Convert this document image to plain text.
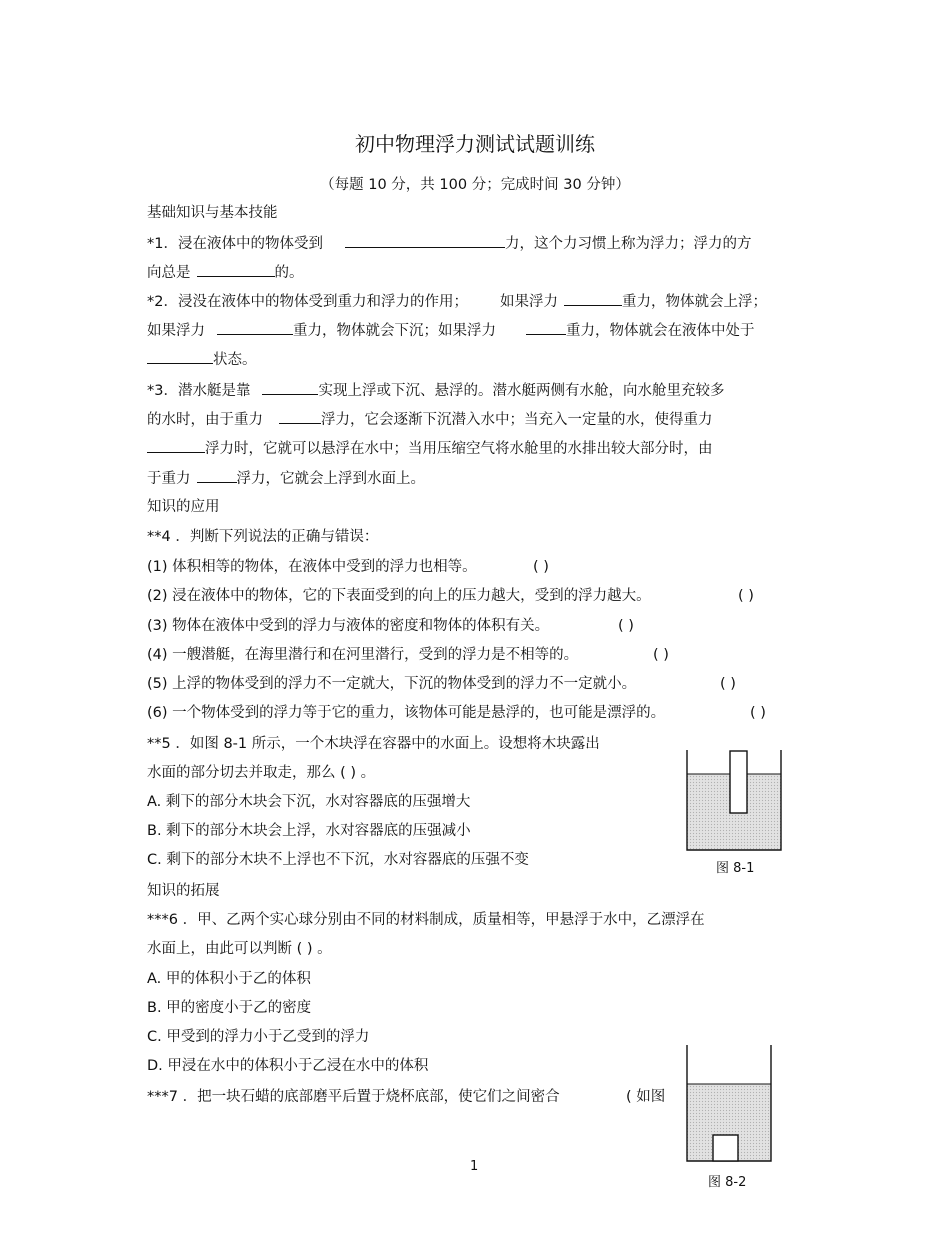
初中物理浮力测试试题训练
（每题 10 分，共 100 分；完成时间 30 分钟）
基础知识与基本技能
*1．浸在液体中的物体受到	力，这个力习惯上称为浮力；浮力的方
向总是	的。
*2．浸没在液体中的物体受到重力和浮力的作用； 如果浮力	重力，物体就会上浮；
如果浮力	重力，物体就会下沉；如果浮力	重力，物体就会在液体中处于
状态。
*3．潜水艇是靠	实现上浮或下沉、悬浮的。潜水艇两侧有水舱，向水舱里充较多
的水时，由于重力	浮力，它会逐渐下沉潜入水中；当充入一定量的水，使得重力
浮力时，它就可以悬浮在水中；当用压缩空气将水舱里的水排出较大部分时，由
于重力	浮力，它就会上浮到水面上。
知识的应用
**4 ．判断下列说法的正确与错误：
(1) 体积相等的物体，在液体中受到的浮力也相等。	( )
(2) 浸在液体中的物体，它的下表面受到的向上的压力越大，受到的浮力越大。	( )
(3) 物体在液体中受到的浮力与液体的密度和物体的体积有关。	( )
(4) 一艘潜艇，在海里潜行和在河里潜行，受到的浮力是不相等的。	( )
(5) 上浮的物体受到的浮力不一定就大，下沉的物体受到的浮力不一定就小。	( )
(6) 一个物体受到的浮力等于它的重力，该物体可能是悬浮的，也可能是漂浮的。	( )
**5 ．如图 8-1 所示，一个木块浮在容器中的水面上。设想将木块露出
水面的部分切去并取走，那么 ( ) 。
A. 剩下的部分木块会下沉，水对容器底的压强增大
B. 剩下的部分木块会上浮，水对容器底的压强减小
C. 剩下的部分木块不上浮也不下沉，水对容器底的压强不变
图 8-1
知识的拓展
***6 ．甲、乙两个实心球分别由不同的材料制成，质量相等，甲悬浮于水中，乙漂浮在
水面上，由此可以判断 ( ) 。
A. 甲的体积小于乙的体积
B. 甲的密度小于乙的密度
C. 甲受到的浮力小于乙受到的浮力
D. 甲浸在水中的体积小于乙浸在水中的体积
***7 ．把一块石蜡的底部磨平后置于烧杯底部，使它们之间密合	( 如图
图 8-2
1
